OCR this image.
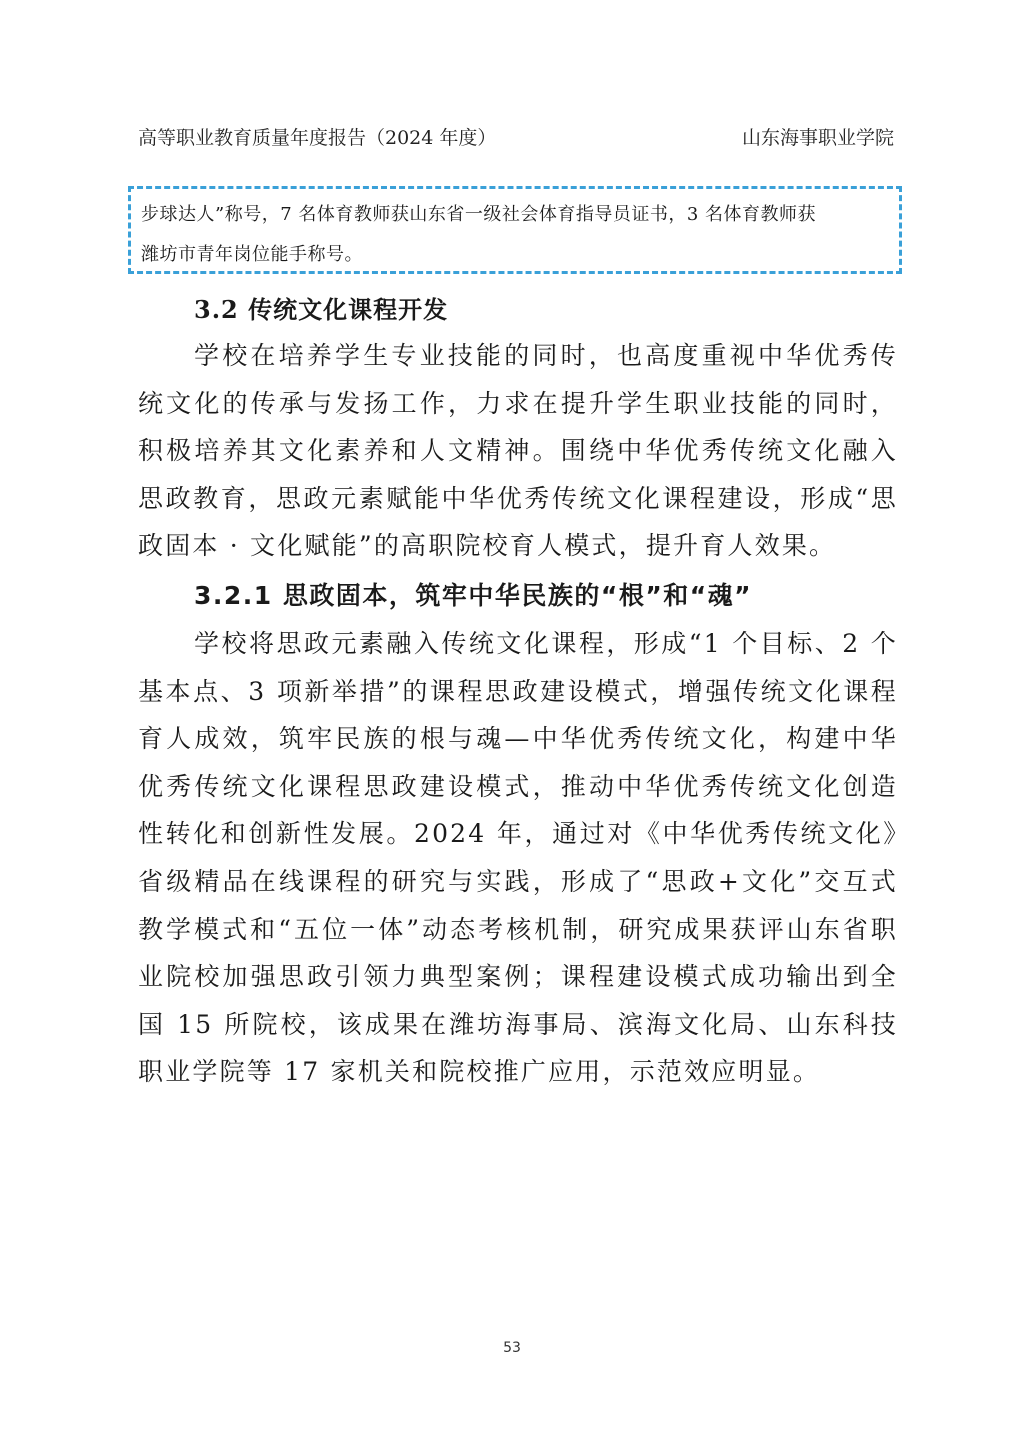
高等职业教育质量年度报告（2024 年度）	山东海事职业学院

步球达人”称号，7 名体育教师获山东省一级社会体育指导员证书，3 名体育教师获

潍坊市青年岗位能手称号。

3.2 传统文化课程开发

学校在培养学生专业技能的同时，也高度重视中华优秀传统文化的传承与发扬工作，力求在提升学生职业技能的同时，积极培养其文化素养和人文精神。围绕中华优秀传统文化融入思政教育，思政元素赋能中华优秀传统文化课程建设，形成“思政固本 · 文化赋能”的高职院校育人模式，提升育人效果。

3.2.1 思政固本，筑牢中华民族的“根”和“魂”

学校将思政元素融入传统文化课程，形成“1 个目标、2 个基本点、3 项新举措”的课程思政建设模式，增强传统文化课程育人成效，筑牢民族的根与魂—中华优秀传统文化，构建中华优秀传统文化课程思政建设模式，推动中华优秀传统文化创造性转化和创新性发展。2024 年，通过对《中华优秀传统文化》省级精品在线课程的研究与实践，形成了“思政+文化”交互式教学模式和“五位一体”动态考核机制，研究成果获评山东省职业院校加强思政引领力典型案例；课程建设模式成功输出到全国 15 所院校，该成果在潍坊海事局、滨海文化局、山东科技职业学院等 17 家机关和院校推广应用，示范效应明显。

53
